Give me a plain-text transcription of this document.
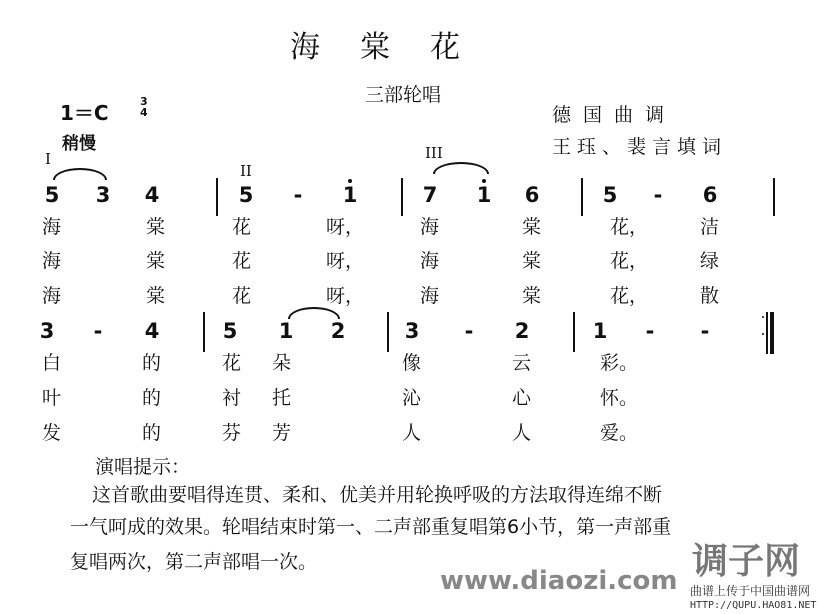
海棠花
三部轮唱
1＝C	3
4
稍慢
德国曲调
王珏、裴言填词
I
II
III
演唱提示：
这首歌曲要唱得连贯、柔和、优美并用轮换呼吸的方法取得连绵不断
一气呵成的效果。轮唱结束时第一、二声部重复唱第6小节，第一声部重
复唱两次，第二声部唱一次。	调子网
www.diaozi.com 曲谱上传于中国曲谱网
HTTP://QUPU.HAO81.NET
5 3 4	5 - 1	7 1 6	5 - 6
海	棠	花	呀，	海	棠	花，	洁
海	棠	花	呀，	海	棠	花，	绿
海	棠	花	呀，	海	棠	花，	散
3 - 4	5 1 2	3 - 2	1 - -
白	的	花 朵	像	云	彩。
叶	的	衬 托	沁	心	怀。
发	的	芬 芳	人	人	爱。
